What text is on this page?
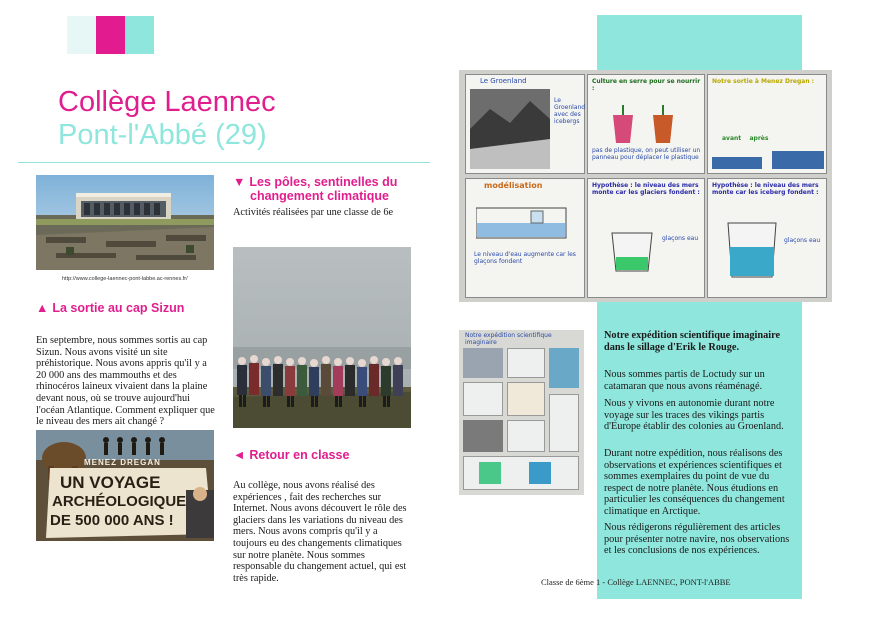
Collège Laennec
Pont-l'Abbé (29)
http://www.college-laennec-pont-labbe.ac-rennes.fr/
▲ La sortie au cap Sizun
En septembre, nous sommes sortis au cap Sizun. Nous avons visité un site préhistorique. Nous avons appris qu'il y a 20 000 ans des mammouths et des rhinocéros laineux vivaient dans la plaine devant nous, où se trouve aujourd'hui l'océan Atlantique. Comment expliquer que le niveau des mers ait changé ?
MENEZ DREGAN
UN VOYAGE
ARCHÉOLOGIQUE
DE 500 000 ANS !
▼ Les pôles, sentinelles du
changement climatique
Activités réalisées par une classe de 6e
◄ Retour en classe
Au collège, nous avons réalisé des expériences , fait des recherches sur Internet. Nous avons découvert le rôle des glaciers dans les variations du niveau des mers. Nous avons compris qu'il y a toujours eu des changements climatiques sur notre planète. Nous sommes responsable du changement actuel, qui est très rapide.
Le Groenland
Le Groenland avec des icebergs
Culture en serre pour se nourrir :
pas de plastique, on peut utiliser un panneau pour déplacer le plastique
Notre sortie à Menez Dregan :
avant    après
modélisation
Le niveau d'eau augmente car les glaçons fondent
Hypothèse : le niveau des mers monte car les glaciers fondent :
glaçons eau
Hypothèse : le niveau des mers monte car les iceberg fondent :
glaçons eau
Notre expédition scientifique imaginaire
Notre expédition scientifique imaginaire dans le sillage d'Erik le Rouge.
Nous sommes partis de Loctudy sur un catamaran que nous avons réaménagé.
Nous y vivons en autonomie durant notre voyage sur les traces des vikings partis d'Europe établir des colonies au Groenland.
Durant notre expédition, nous réalisons des observations et expériences scientifiques et sommes exemplaires du point de vue du respect de notre planète. Nous étudions en particulier les conséquences du changement climatique en Arctique.
Nous rédigerons régulièrement des articles pour présenter notre navire, nos observations et les conclusions de nos expériences.
Classe de 6ème 1 - Collège LAENNEC, PONT-l'ABBE
